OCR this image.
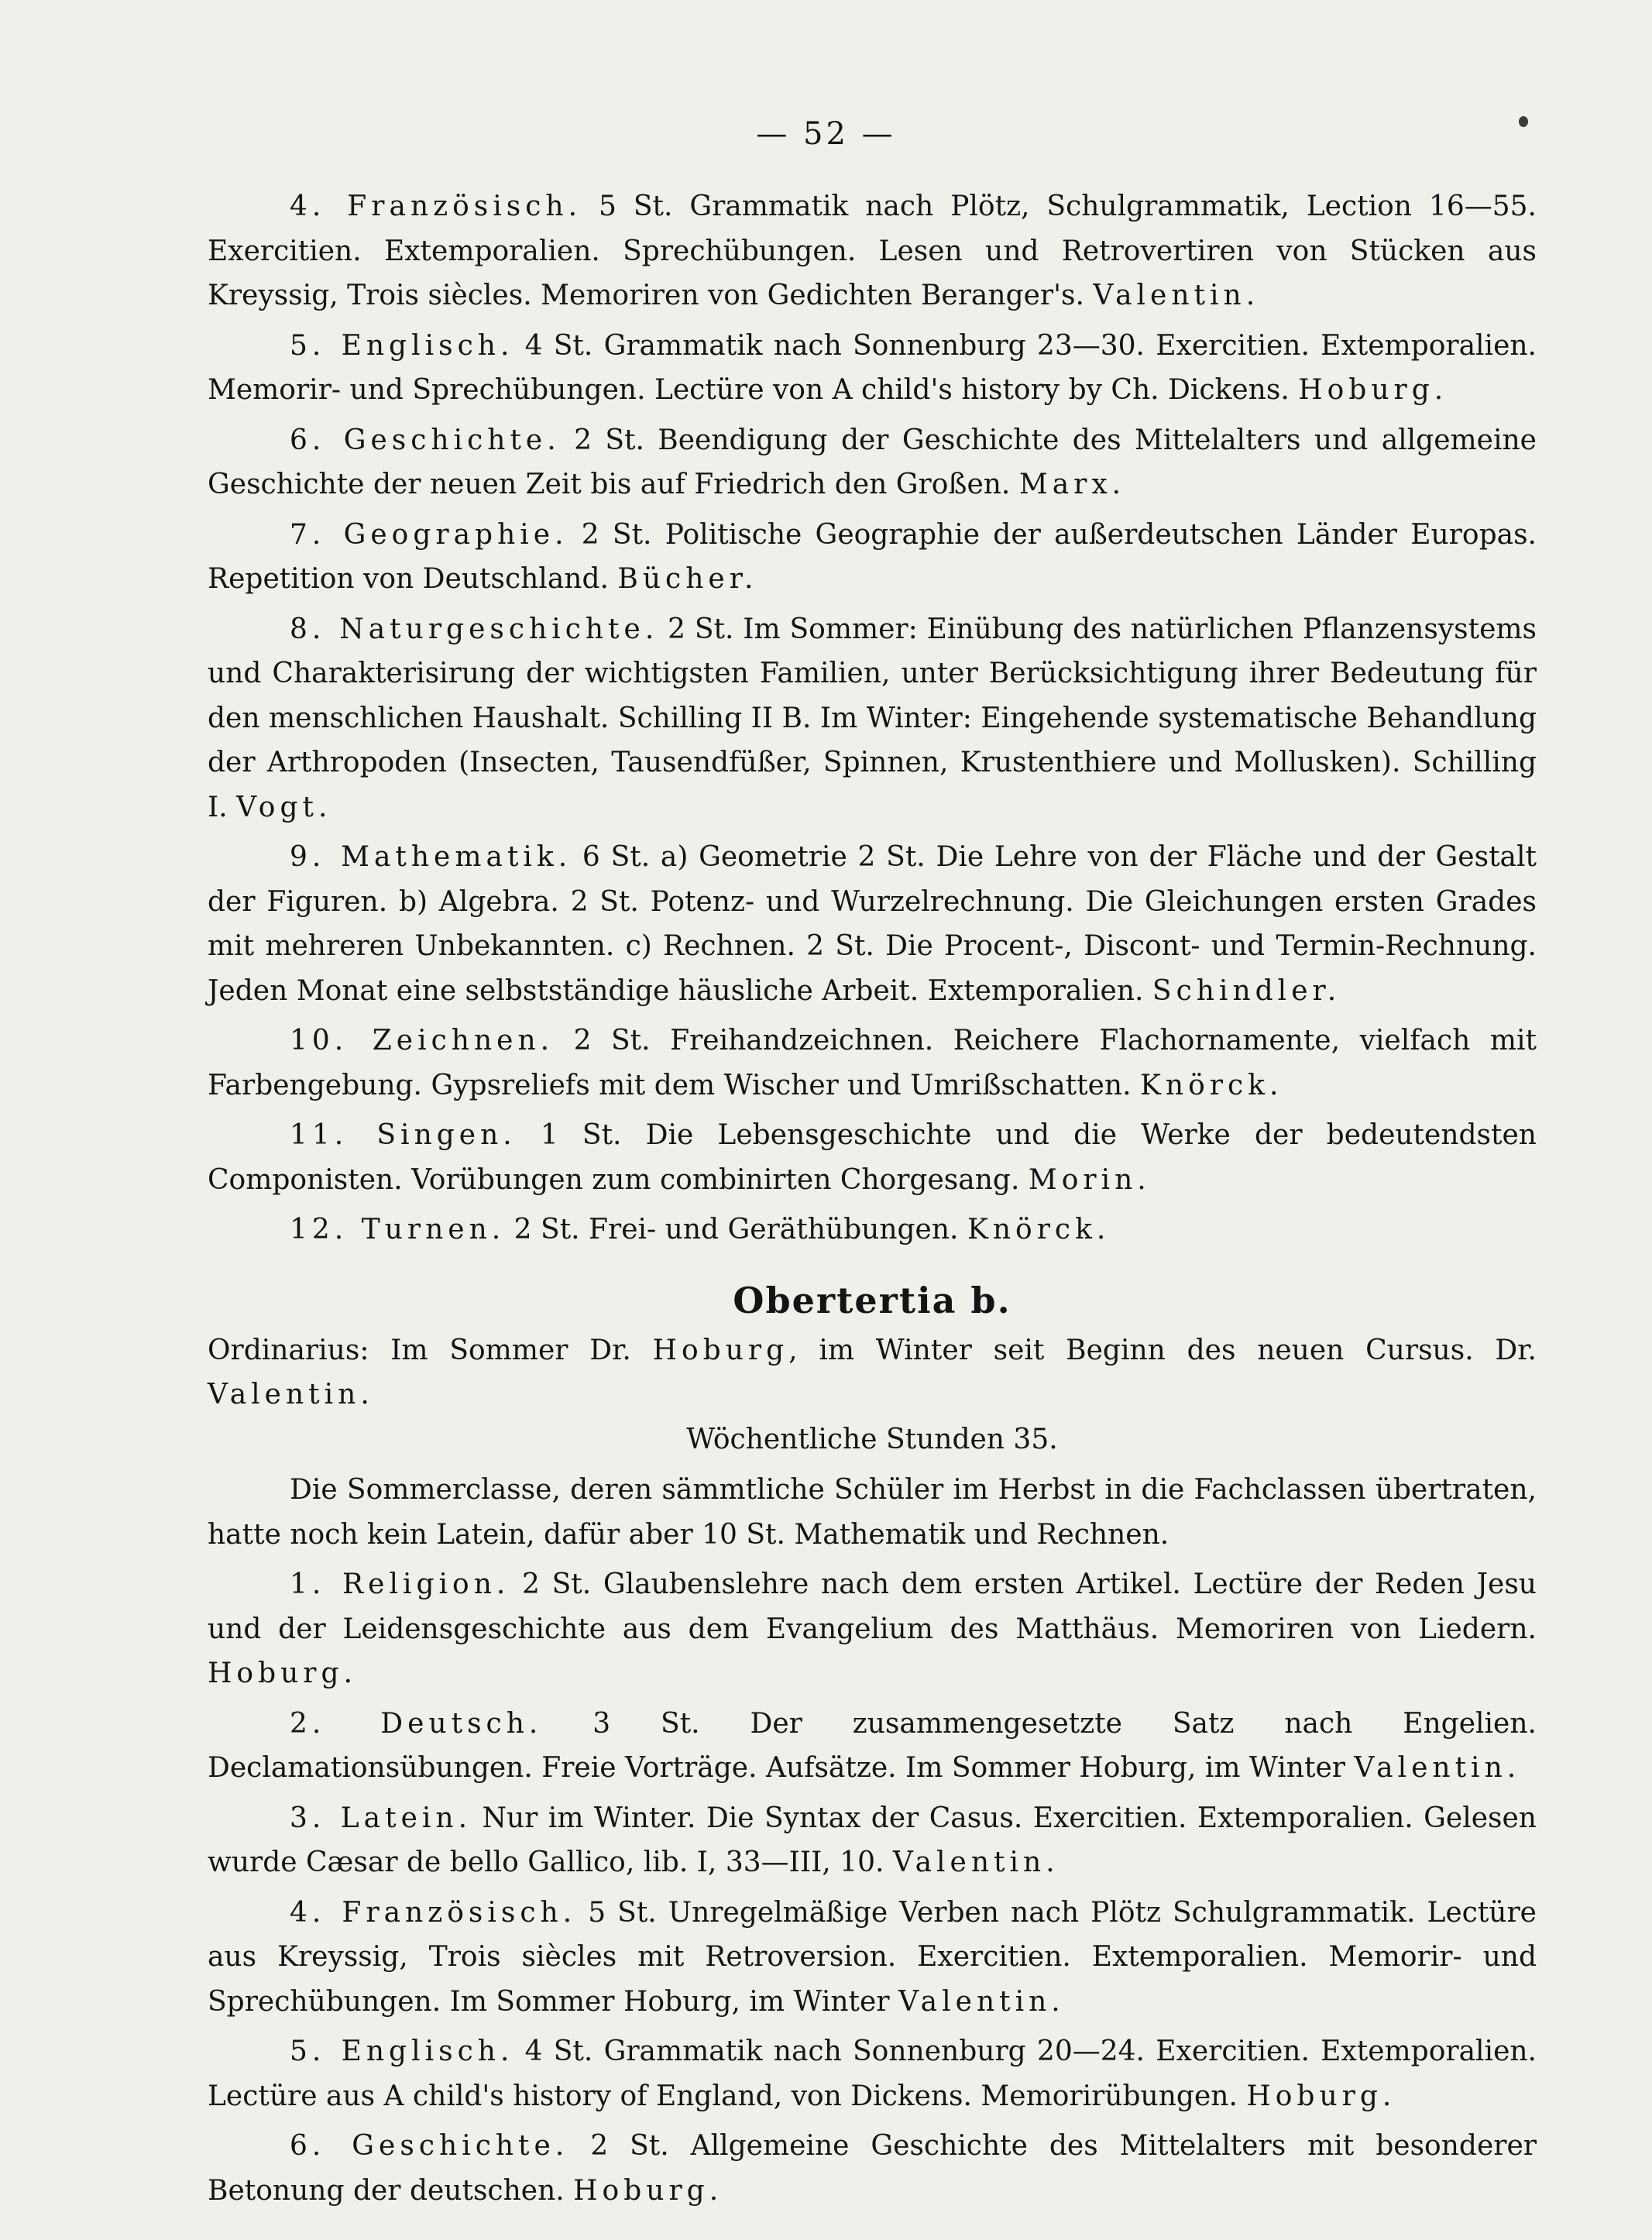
— 52 —

4. Französisch. 5 St. Grammatik nach Plötz, Schulgrammatik, Lection 16—55. Exercitien. Extemporalien. Sprechübungen. Lesen und Retrovertiren von Stücken aus Kreyssig, Trois siècles. Memoriren von Gedichten Beranger's. Valentin.

5. Englisch. 4 St. Grammatik nach Sonnenburg 23—30. Exercitien. Extemporalien. Memorir- und Sprechübungen. Lectüre von A child's history by Ch. Dickens. Hoburg.

6. Geschichte. 2 St. Beendigung der Geschichte des Mittelalters und allgemeine Geschichte der neuen Zeit bis auf Friedrich den Großen. Marx.

7. Geographie. 2 St. Politische Geographie der außerdeutschen Länder Europas. Repetition von Deutschland. Bücher.

8. Naturgeschichte. 2 St. Im Sommer: Einübung des natürlichen Pflanzensystems und Charakterisirung der wichtigsten Familien, unter Berücksichtigung ihrer Bedeutung für den menschlichen Haushalt. Schilling II B. Im Winter: Eingehende systematische Behandlung der Arthropoden (Insecten, Tausendfüßer, Spinnen, Krustenthiere und Mollusken). Schilling I. Vogt.

9. Mathematik. 6 St. a) Geometrie 2 St. Die Lehre von der Fläche und der Gestalt der Figuren. b) Algebra. 2 St. Potenz- und Wurzelrechnung. Die Gleichungen ersten Grades mit mehreren Unbekannten. c) Rechnen. 2 St. Die Procent-, Discont- und Termin-Rechnung. Jeden Monat eine selbstständige häusliche Arbeit. Extemporalien. Schindler.

10. Zeichnen. 2 St. Freihandzeichnen. Reichere Flachornamente, vielfach mit Farbengebung. Gypsreliefs mit dem Wischer und Umrißschatten. Knörck.

11. Singen. 1 St. Die Lebensgeschichte und die Werke der bedeutendsten Componisten. Vorübungen zum combinirten Chorgesang. Morin.

12. Turnen. 2 St. Frei- und Geräthübungen. Knörck.

Obertertia b.

Ordinarius: Im Sommer Dr. Hoburg, im Winter seit Beginn des neuen Cursus. Dr. Valentin.

Wöchentliche Stunden 35.

Die Sommerclasse, deren sämmtliche Schüler im Herbst in die Fachclassen übertraten, hatte noch kein Latein, dafür aber 10 St. Mathematik und Rechnen.

1. Religion. 2 St. Glaubenslehre nach dem ersten Artikel. Lectüre der Reden Jesu und der Leidensgeschichte aus dem Evangelium des Matthäus. Memoriren von Liedern. Hoburg.

2. Deutsch. 3 St. Der zusammengesetzte Satz nach Engelien. Declamationsübungen. Freie Vorträge. Aufsätze. Im Sommer Hoburg, im Winter Valentin.

3. Latein. Nur im Winter. Die Syntax der Casus. Exercitien. Extemporalien. Gelesen wurde Cæsar de bello Gallico, lib. I, 33—III, 10. Valentin.

4. Französisch. 5 St. Unregelmäßige Verben nach Plötz Schulgrammatik. Lectüre aus Kreyssig, Trois siècles mit Retroversion. Exercitien. Extemporalien. Memorir- und Sprechübungen. Im Sommer Hoburg, im Winter Valentin.

5. Englisch. 4 St. Grammatik nach Sonnenburg 20—24. Exercitien. Extemporalien. Lectüre aus A child's history of England, von Dickens. Memorirübungen. Hoburg.

6. Geschichte. 2 St. Allgemeine Geschichte des Mittelalters mit besonderer Betonung der deutschen. Hoburg.
